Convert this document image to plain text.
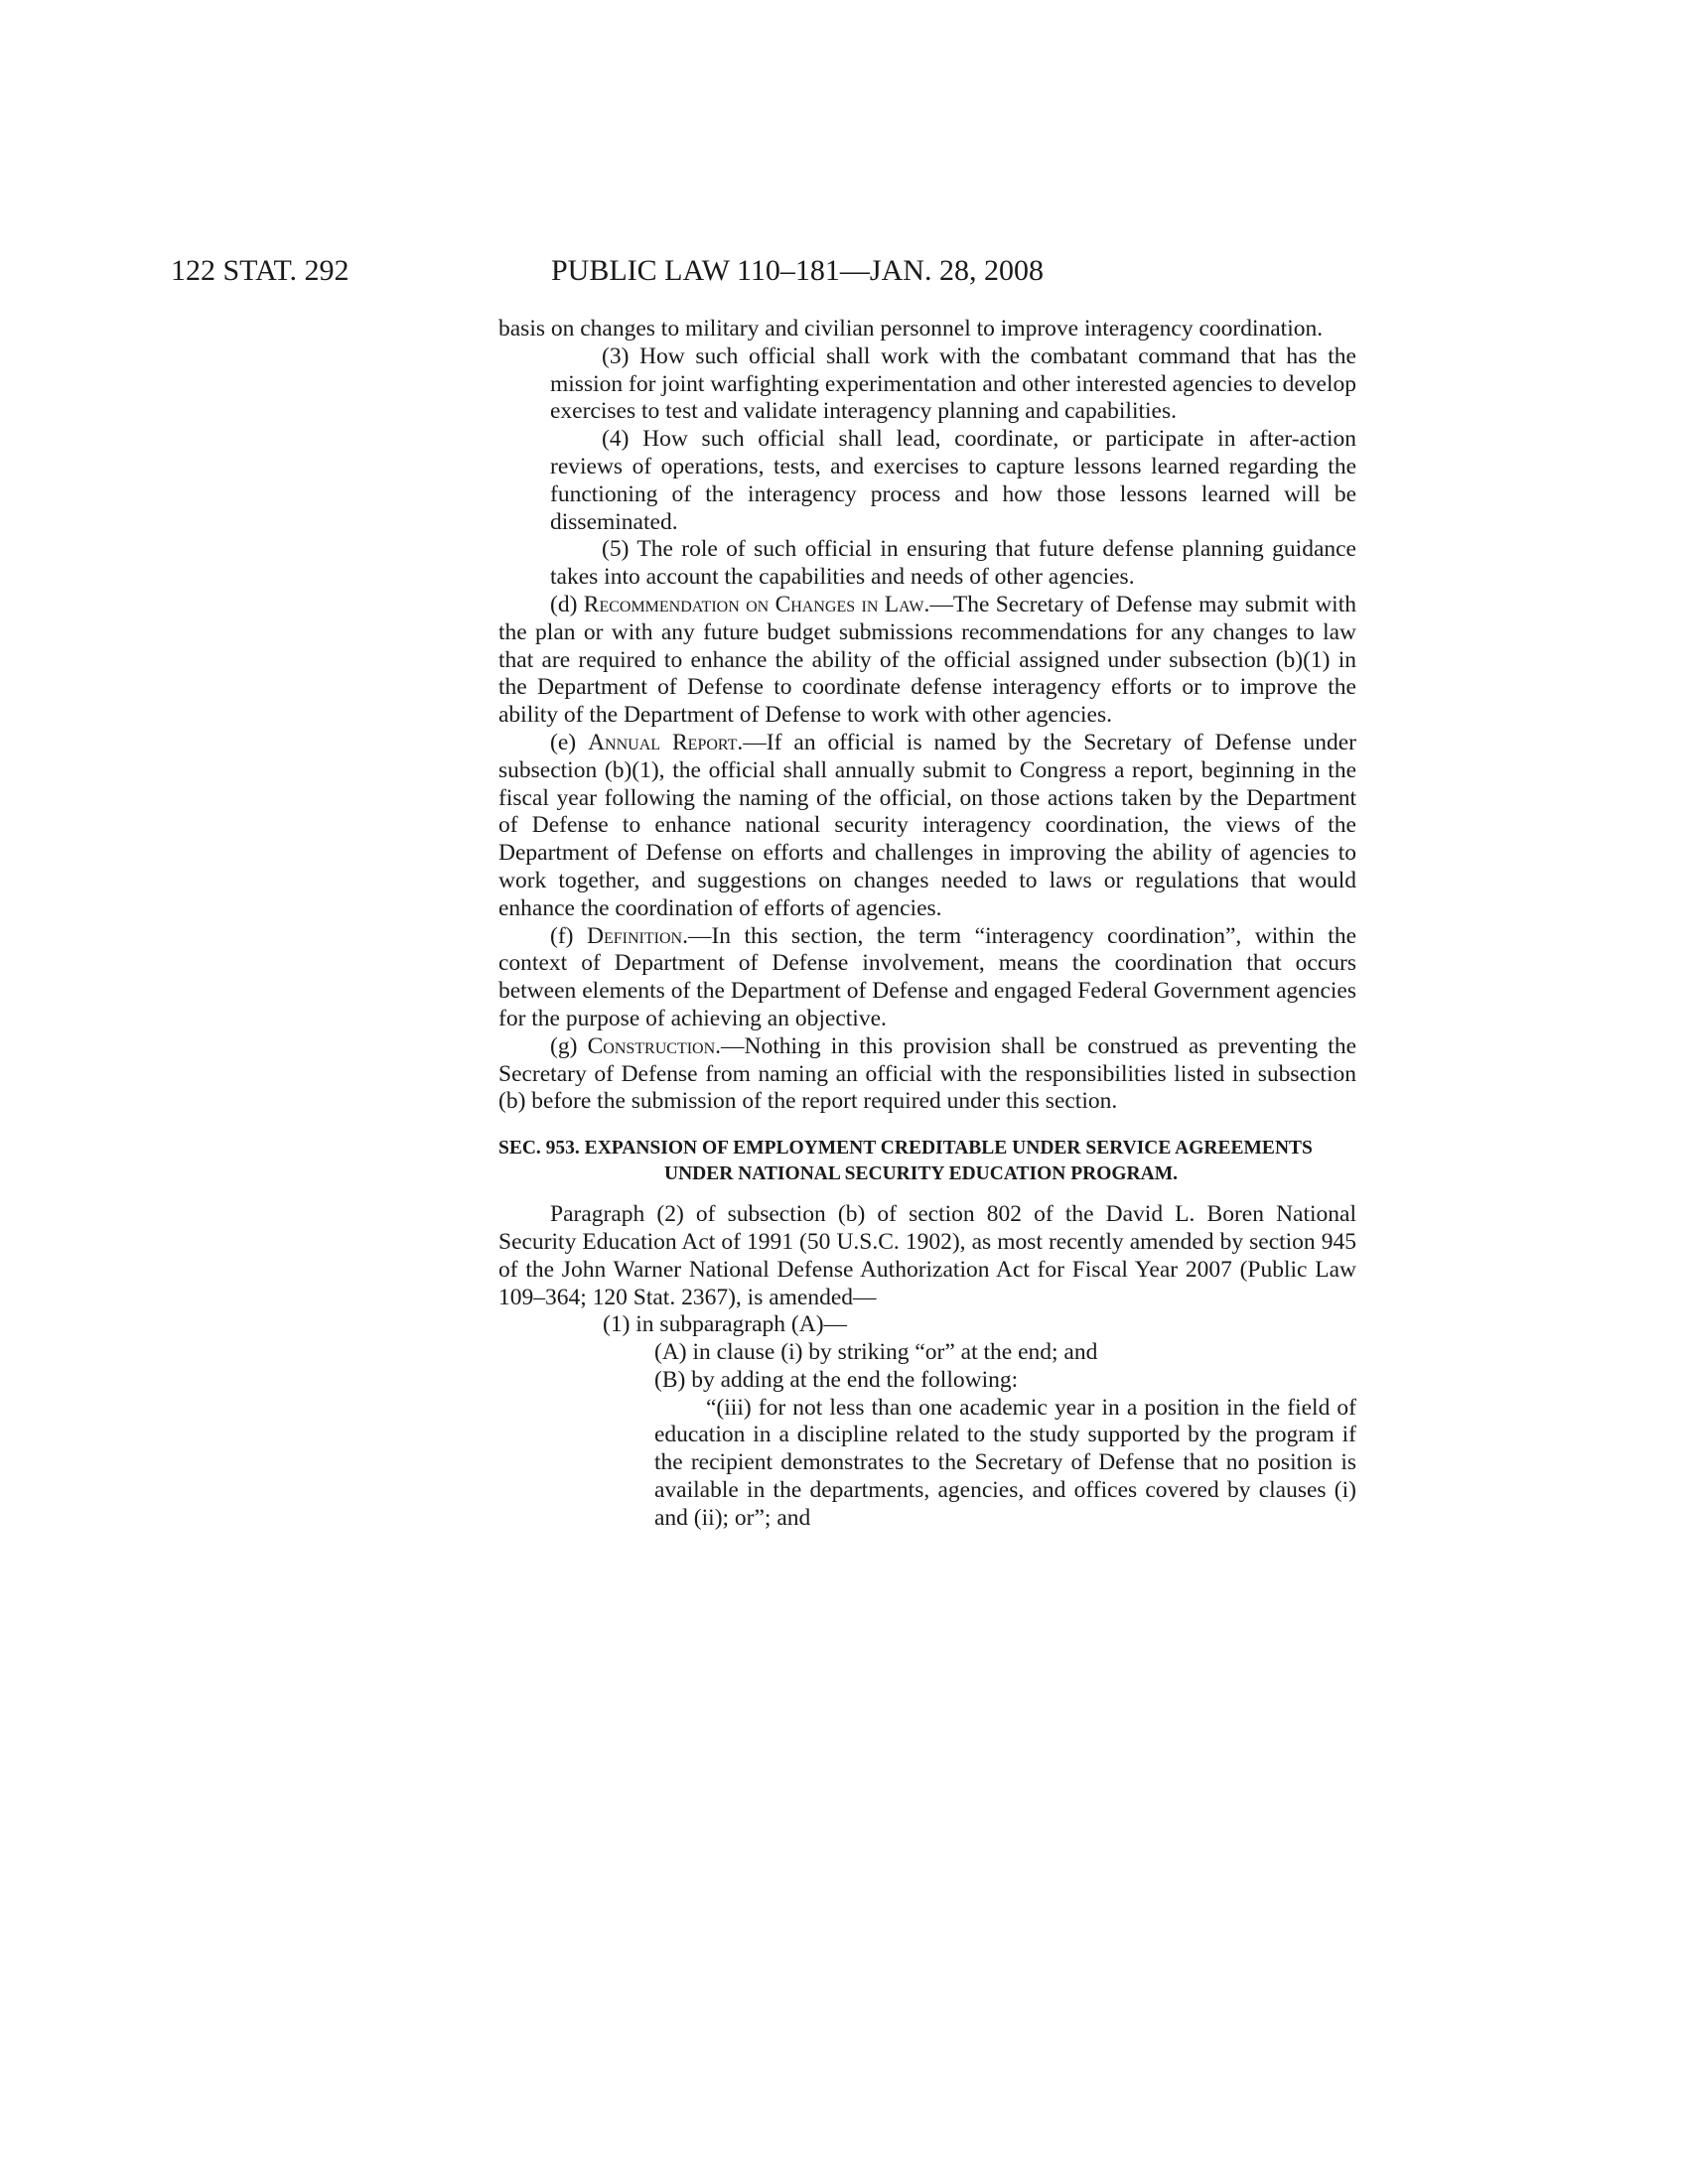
122 STAT. 292	PUBLIC LAW 110–181—JAN. 28, 2008

basis on changes to military and civilian personnel to improve interagency coordination.

(3) How such official shall work with the combatant command that has the mission for joint warfighting experimentation and other interested agencies to develop exercises to test and validate interagency planning and capabilities.

(4) How such official shall lead, coordinate, or participate in after-action reviews of operations, tests, and exercises to capture lessons learned regarding the functioning of the interagency process and how those lessons learned will be disseminated.

(5) The role of such official in ensuring that future defense planning guidance takes into account the capabilities and needs of other agencies.

(d) Recommendation on Changes in Law.—The Secretary of Defense may submit with the plan or with any future budget submissions recommendations for any changes to law that are required to enhance the ability of the official assigned under subsection (b)(1) in the Department of Defense to coordinate defense interagency efforts or to improve the ability of the Department of Defense to work with other agencies.

(e) Annual Report.—If an official is named by the Secretary of Defense under subsection (b)(1), the official shall annually submit to Congress a report, beginning in the fiscal year following the naming of the official, on those actions taken by the Department of Defense to enhance national security interagency coordination, the views of the Department of Defense on efforts and challenges in improving the ability of agencies to work together, and suggestions on changes needed to laws or regulations that would enhance the coordination of efforts of agencies.

(f) Definition.—In this section, the term “interagency coordination”, within the context of Department of Defense involvement, means the coordination that occurs between elements of the Department of Defense and engaged Federal Government agencies for the purpose of achieving an objective.

(g) Construction.—Nothing in this provision shall be construed as preventing the Secretary of Defense from naming an official with the responsibilities listed in subsection (b) before the submission of the report required under this section.

SEC. 953. EXPANSION OF EMPLOYMENT CREDITABLE UNDER SERVICE AGREEMENTS UNDER NATIONAL SECURITY EDUCATION PROGRAM.

Paragraph (2) of subsection (b) of section 802 of the David L. Boren National Security Education Act of 1991 (50 U.S.C. 1902), as most recently amended by section 945 of the John Warner National Defense Authorization Act for Fiscal Year 2007 (Public Law 109–364; 120 Stat. 2367), is amended—

(1) in subparagraph (A)—

(A) in clause (i) by striking “or” at the end; and

(B) by adding at the end the following:

“(iii) for not less than one academic year in a position in the field of education in a discipline related to the study supported by the program if the recipient demonstrates to the Secretary of Defense that no position is available in the departments, agencies, and offices covered by clauses (i) and (ii); or”; and
